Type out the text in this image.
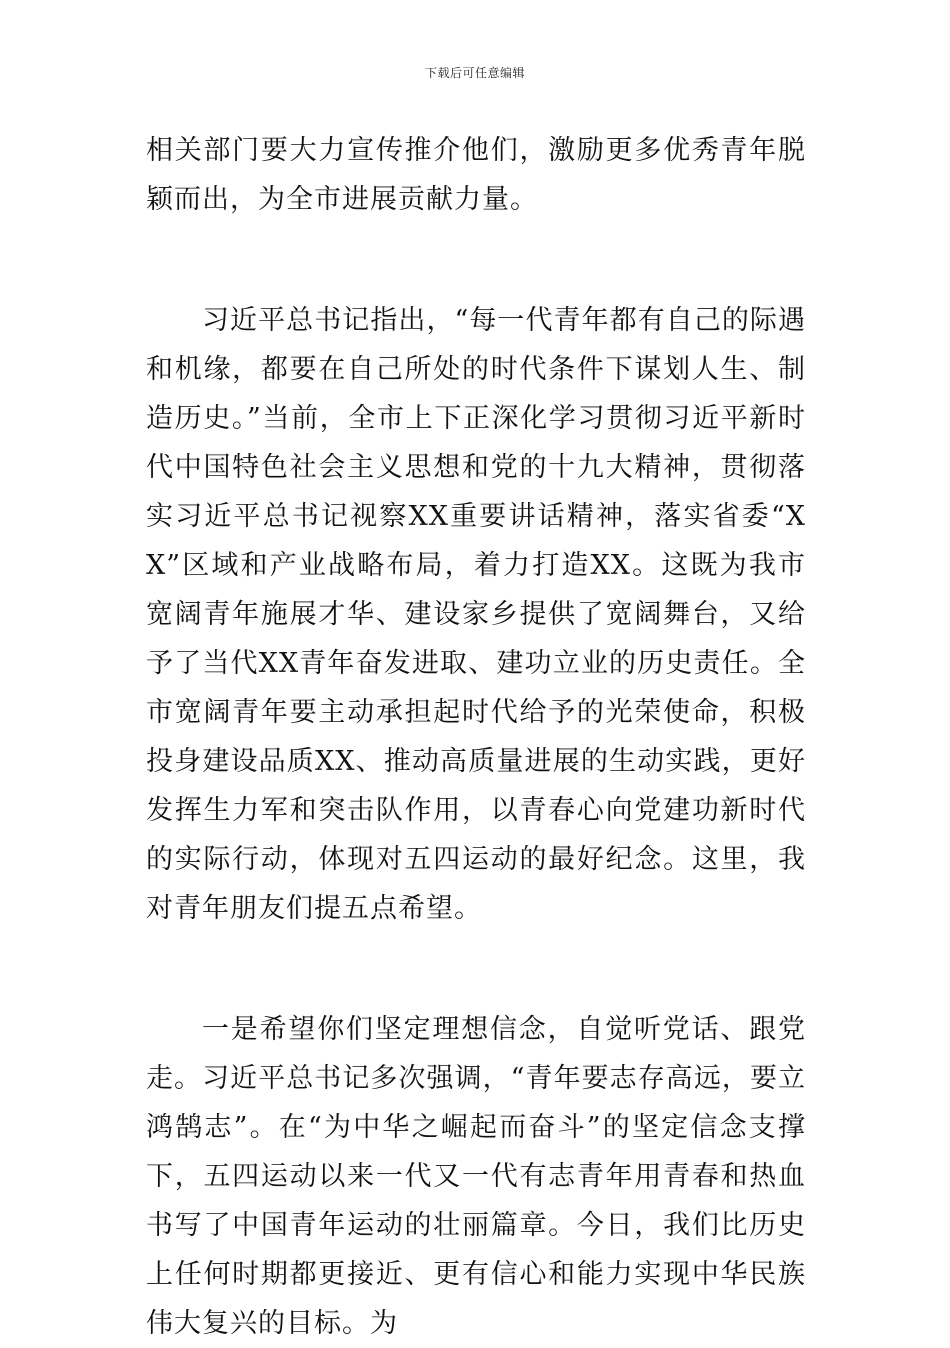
下载后可任意编辑

相关部门要大力宣传推介他们，激励更多优秀青年脱颖而出，为全市进展贡献力量。

习近平总书记指出，“每一代青年都有自己的际遇和机缘，都要在自己所处的时代条件下谋划人生、制造历史。”当前，全市上下正深化学习贯彻习近平新时代中国特色社会主义思想和党的十九大精神，贯彻落实习近平总书记视察XX重要讲话精神，落实省委“XX”区域和产业战略布局，着力打造XX。这既为我市宽阔青年施展才华、建设家乡提供了宽阔舞台，又给予了当代XX青年奋发进取、建功立业的历史责任。全市宽阔青年要主动承担起时代给予的光荣使命，积极投身建设品质XX、推动高质量进展的生动实践，更好发挥生力军和突击队作用，以青春心向党建功新时代的实际行动，体现对五四运动的最好纪念。这里，我对青年朋友们提五点希望。

一是希望你们坚定理想信念，自觉听党话、跟党走。习近平总书记多次强调，“青年要志存高远，要立鸿鹄志”。在“为中华之崛起而奋斗”的坚定信念支撑下，五四运动以来一代又一代有志青年用青春和热血书写了中国青年运动的壮丽篇章。今日，我们比历史上任何时期都更接近、更有信心和能力实现中华民族伟大复兴的目标。为
